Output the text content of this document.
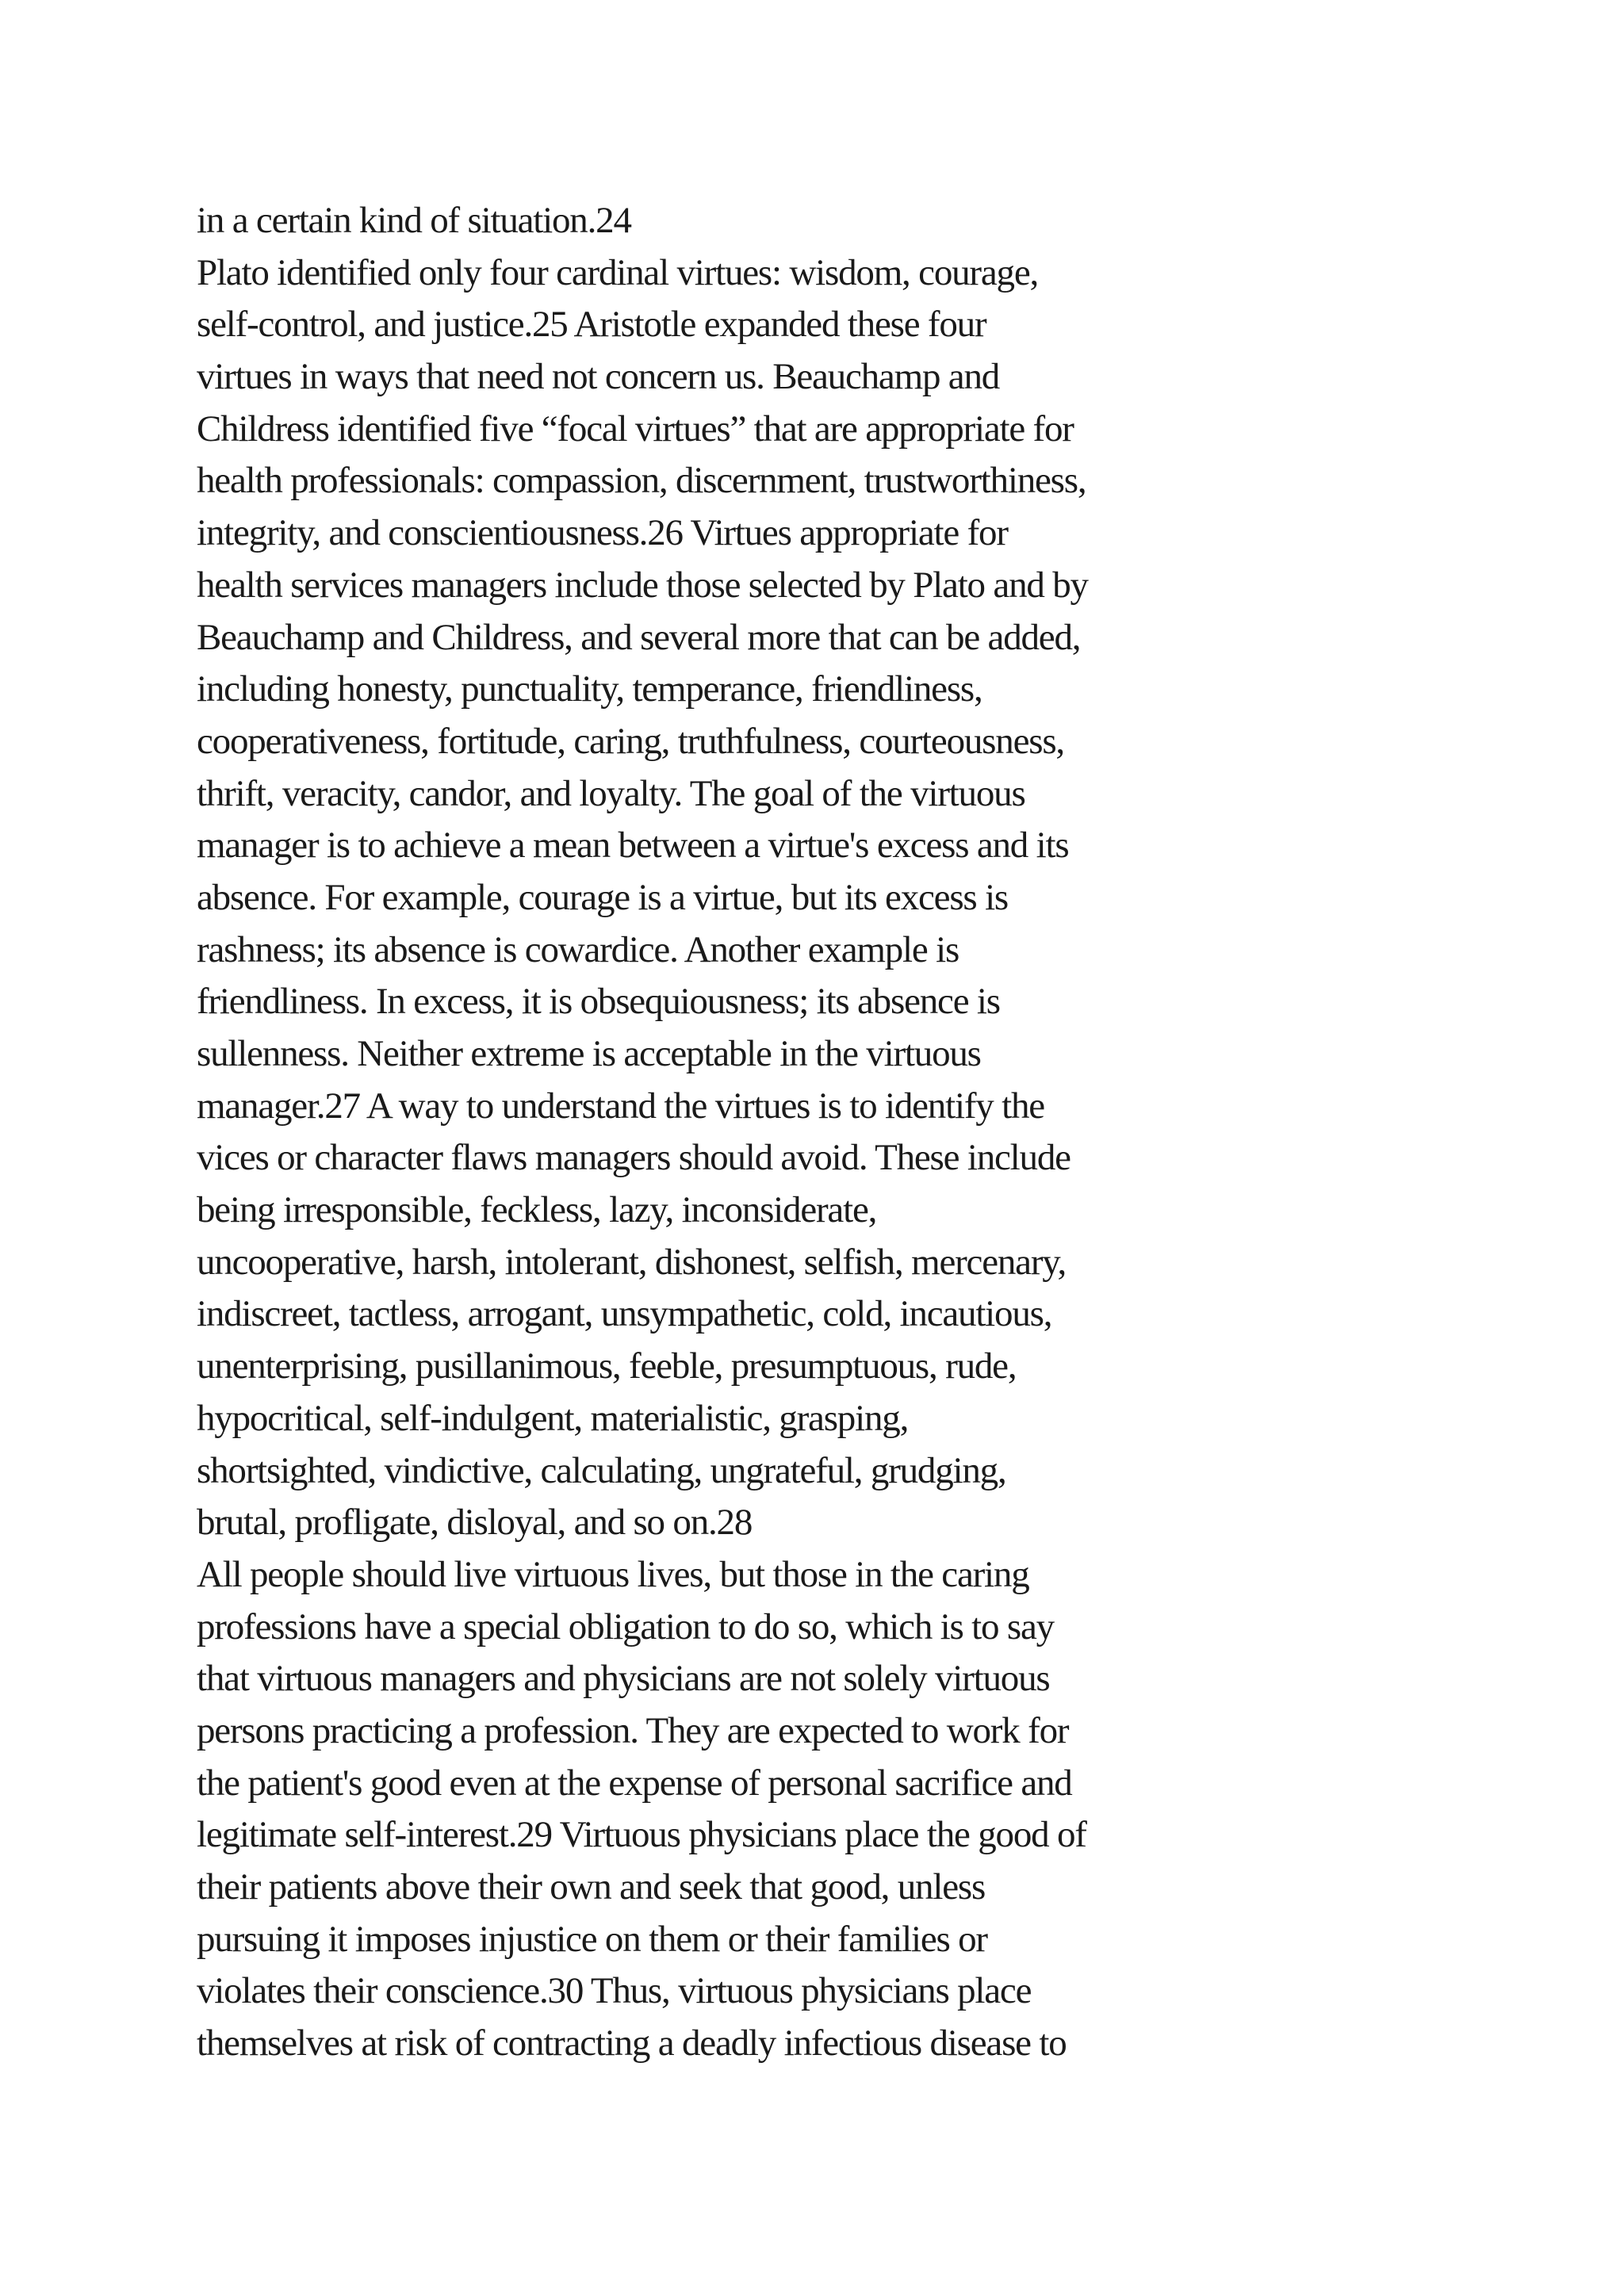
in a certain kind of situation.24
Plato identified only four cardinal virtues: wisdom, courage,
self-control, and justice.25 Aristotle expanded these four
virtues in ways that need not concern us. Beauchamp and
Childress identified five “focal virtues” that are appropriate for
health professionals: compassion, discernment, trustworthiness,
integrity, and conscientiousness.26 Virtues appropriate for
health services managers include those selected by Plato and by
Beauchamp and Childress, and several more that can be added,
including honesty, punctuality, temperance, friendliness,
cooperativeness, fortitude, caring, truthfulness, courteousness,
thrift, veracity, candor, and loyalty. The goal of the virtuous
manager is to achieve a mean between a virtue's excess and its
absence. For example, courage is a virtue, but its excess is
rashness; its absence is cowardice. Another example is
friendliness. In excess, it is obsequiousness; its absence is
sullenness. Neither extreme is acceptable in the virtuous
manager.27 A way to understand the virtues is to identify the
vices or character flaws managers should avoid. These include
being irresponsible, feckless, lazy, inconsiderate,
uncooperative, harsh, intolerant, dishonest, selfish, mercenary,
indiscreet, tactless, arrogant, unsympathetic, cold, incautious,
unenterprising, pusillanimous, feeble, presumptuous, rude,
hypocritical, self-indulgent, materialistic, grasping,
shortsighted, vindictive, calculating, ungrateful, grudging,
brutal, profligate, disloyal, and so on.28
All people should live virtuous lives, but those in the caring
professions have a special obligation to do so, which is to say
that virtuous managers and physicians are not solely virtuous
persons practicing a profession. They are expected to work for
the patient's good even at the expense of personal sacrifice and
legitimate self-interest.29 Virtuous physicians place the good of
their patients above their own and seek that good, unless
pursuing it imposes injustice on them or their families or
violates their conscience.30 Thus, virtuous physicians place
themselves at risk of contracting a deadly infectious disease to
